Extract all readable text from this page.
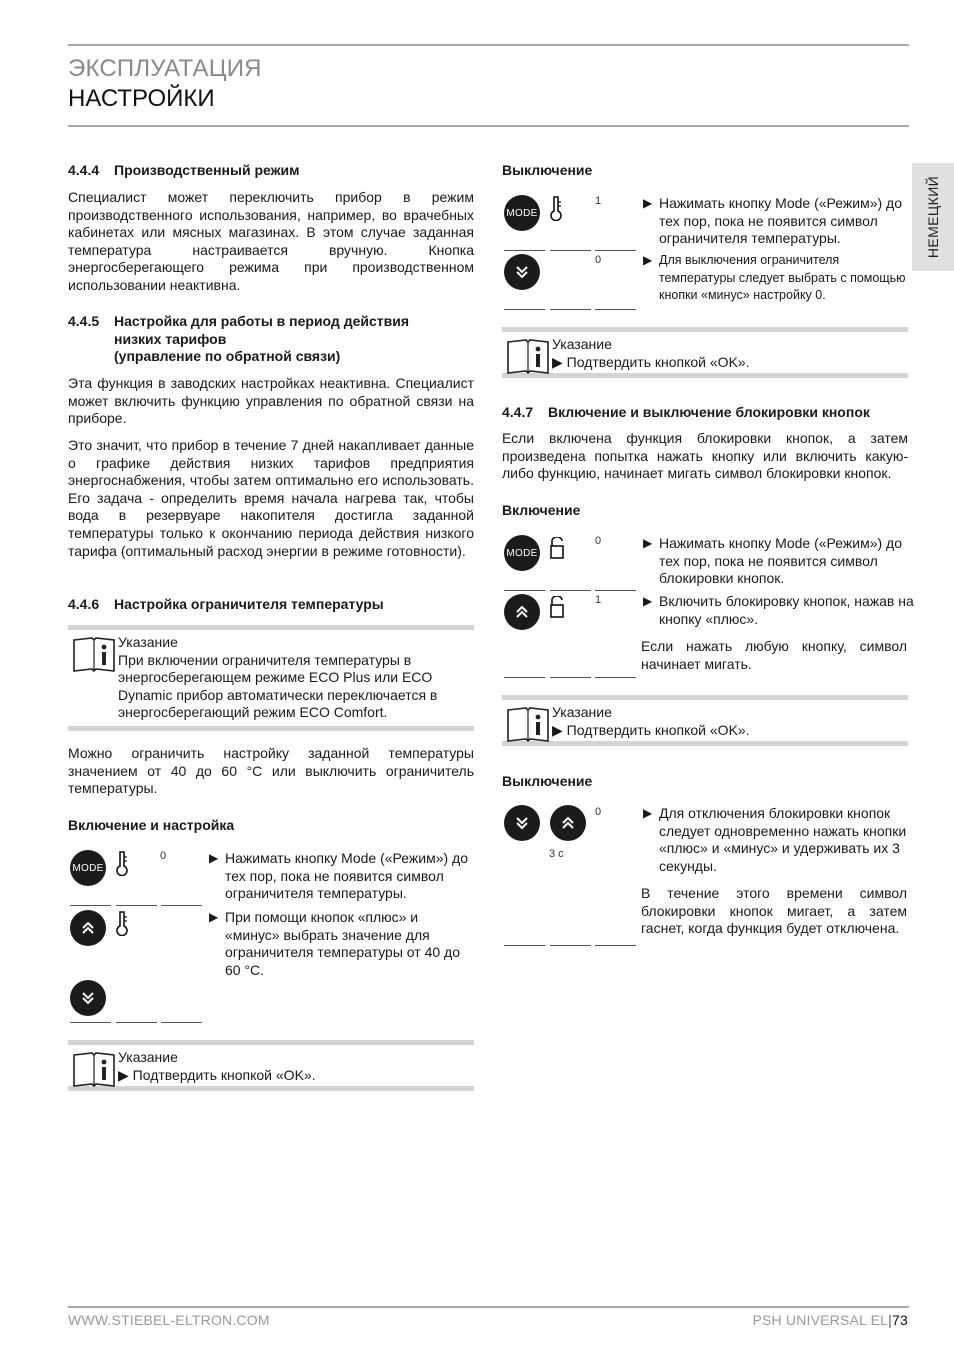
ЭКСПЛУАТАЦИЯ
НАСТРОЙКИ
НЕМЕЦКИЙ
4.4.4 Производственный режим

Специалист может переключить прибор в режим производственного использования, например, во врачебных кабинетах или мясных магазинах. В этом случае заданная температура настраивается вручную. Кнопка энергосберегающего режима при производственном использовании неактивна.

4.4.5 Настройка для работы в период действия
низких тарифов
(управление по обратной связи)

Эта функция в заводских настройках неактивна. Специалист может включить функцию управления по обратной связи на приборе.

Это значит, что прибор в течение 7 дней накапливает данные о графике действия низких тарифов предприятия энергоснабжения, чтобы затем оптимально его использовать. Его задача - определить время начала нагрева так, чтобы вода в резервуаре накопителя достигла заданной температуры только к окончанию периода действия низкого тарифа (оптимальный расход энергии в режиме готовности).

4.4.6 Настройка ограничителя температуры
Указание
При включении ограничителя температуры в энергосберегающем режиме ECO Plus или ECO Dynamic прибор автоматически переключается в энергосберегающий режим ECO Comfort.

Можно ограничить настройку заданной температуры значением от 40 до 60 °C или выключить ограничитель температуры.

Включение и настройка
MODE
0	▶ Нажимать кнопку Mode («Режим») до тех пор, пока не появится символ ограничителя температуры.
▶ При помощи кнопок «плюс» и «минус» выбрать значение для ограничителя температуры от 40 до 60 °C.
Указание
▶ Подтвердить кнопкой «OK».
Выключение
MODE
1
0
▶ Нажимать кнопку Mode («Режим») до тех пор, пока не появится символ ограничителя температуры.
▶ Для выключения ограничителя температуры следует выбрать с помощью кнопки «минус» настройку 0.
Указание
▶ Подтвердить кнопкой «OK».
4.4.7 Включение и выключение блокировки кнопок

Если включена функция блокировки кнопок, а затем произведена попытка нажать кнопку или включить какую-либо функцию, начинает мигать символ блокировки кнопок.

Включение
MODE
0
1
▶ Нажимать кнопку Mode («Режим») до тех пор, пока не появится символ блокировки кнопок.
▶ Включить блокировку кнопок, нажав на кнопку «плюс».

Если нажать любую кнопку, символ начинает мигать.

Указание
▶ Подтвердить кнопкой «OK».
Выключение
0
3 с
▶ Для отключения блокировки кнопок следует одновременно нажать кнопки «плюс» и «минус» и удерживать их 3 секунды.

В течение этого времени символ блокировки кнопок мигает, а затем гаснет, когда функция будет отключена.

WWW.STIEBEL-ELTRON.COM	PSH UNIVERSAL EL|73
